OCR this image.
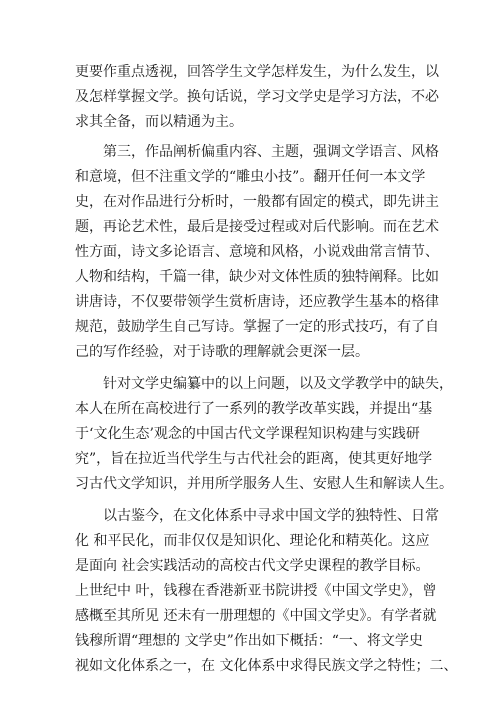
更要作重点透视，回答学生文学怎样发生，为什么发生，以
及怎样掌握文学。换句话说，学习文学史是学习方法，不必
求其全备，而以精通为主。
第三，作品阐析偏重内容、主题，强调文学语言、风格
和意境，但不注重文学的“雕虫小技”。翻开任何一本文学
史，在对作品进行分析时，一般都有固定的模式，即先讲主
题，再论艺术性，最后是接受过程或对后代影响。而在艺术
性方面，诗文多论语言、意境和风格，小说戏曲常言情节、
人物和结构，千篇一律，缺少对文体性质的独特阐释。比如
讲唐诗，不仅要带领学生赏析唐诗，还应教学生基本的格律
规范，鼓励学生自己写诗。掌握了一定的形式技巧，有了自
己的写作经验，对于诗歌的理解就会更深一层。
针对文学史编纂中的以上问题，以及文学教学中的缺失，
本人在所在高校进行了一系列的教学改革实践，并提出“基
于‘文化生态’观念的中国古代文学课程知识构建与实践研
究”，旨在拉近当代学生与古代社会的距离，使其更好地学
习古代文学知识，并用所学服务人生、安慰人生和解读人生。
以古鉴今，在文化体系中寻求中国文学的独特性、日常
化 和平民化，而非仅仅是知识化、理论化和精英化。这应
是面向 社会实践活动的高校古代文学史课程的教学目标。
上世纪中 叶，钱穆在香港新亚书院讲授《中国文学史》，曾
感概至其所见 还未有一册理想的《中国文学史》。有学者就
钱穆所谓“理想的 文学史”作出如下概括：“一、将文学史
视如文化体系之一，在 文化体系中求得民族文学之特性；二、
